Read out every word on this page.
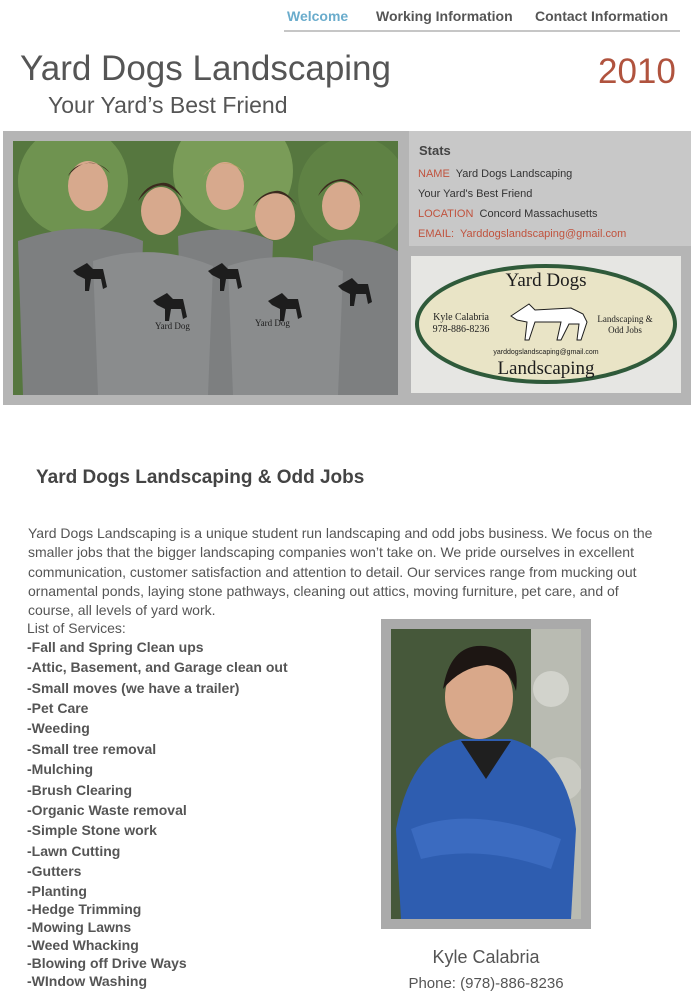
Welcome Working Information Contact Information
Yard Dogs Landscaping
Your Yard’s Best Friend
2010
Yard Dog	Yard Dog
Stats
NAME Yard Dogs Landscaping
Your Yard's Best Friend
LOCATION Concord Massachusetts
EMAIL: Yarddogslandscaping@gmail.com
Yard Dogs
Kyle Calabria
978-886-8236
Landscaping &
Odd Jobs
yarddogslandscaping@gmail.com
Landscaping
Yard Dogs Landscaping & Odd Jobs

Yard Dogs Landscaping is a unique student run landscaping and odd jobs business. We focus on the smaller jobs that the bigger landscaping companies won’t take on. We pride ourselves in excellent communication, customer satisfaction and attention to detail. Our services range from mucking out ornamental ponds, laying stone pathways, cleaning out attics, moving furniture, pet care, and of course, all levels of yard work.

List of Services:
-Fall and Spring Clean ups
-Attic, Basement, and Garage clean out
-Small moves (we have a trailer)
-Pet Care
-Weeding
-Small tree removal
-Mulching
-Brush Clearing
-Organic Waste removal
-Simple Stone work
-Lawn Cutting
-Gutters
-Planting
-Hedge Trimming
-Mowing Lawns
-Weed Whacking
-Blowing off Drive Ways
-WIndow Washing
Kyle Calabria
Phone: (978)-886-8236
